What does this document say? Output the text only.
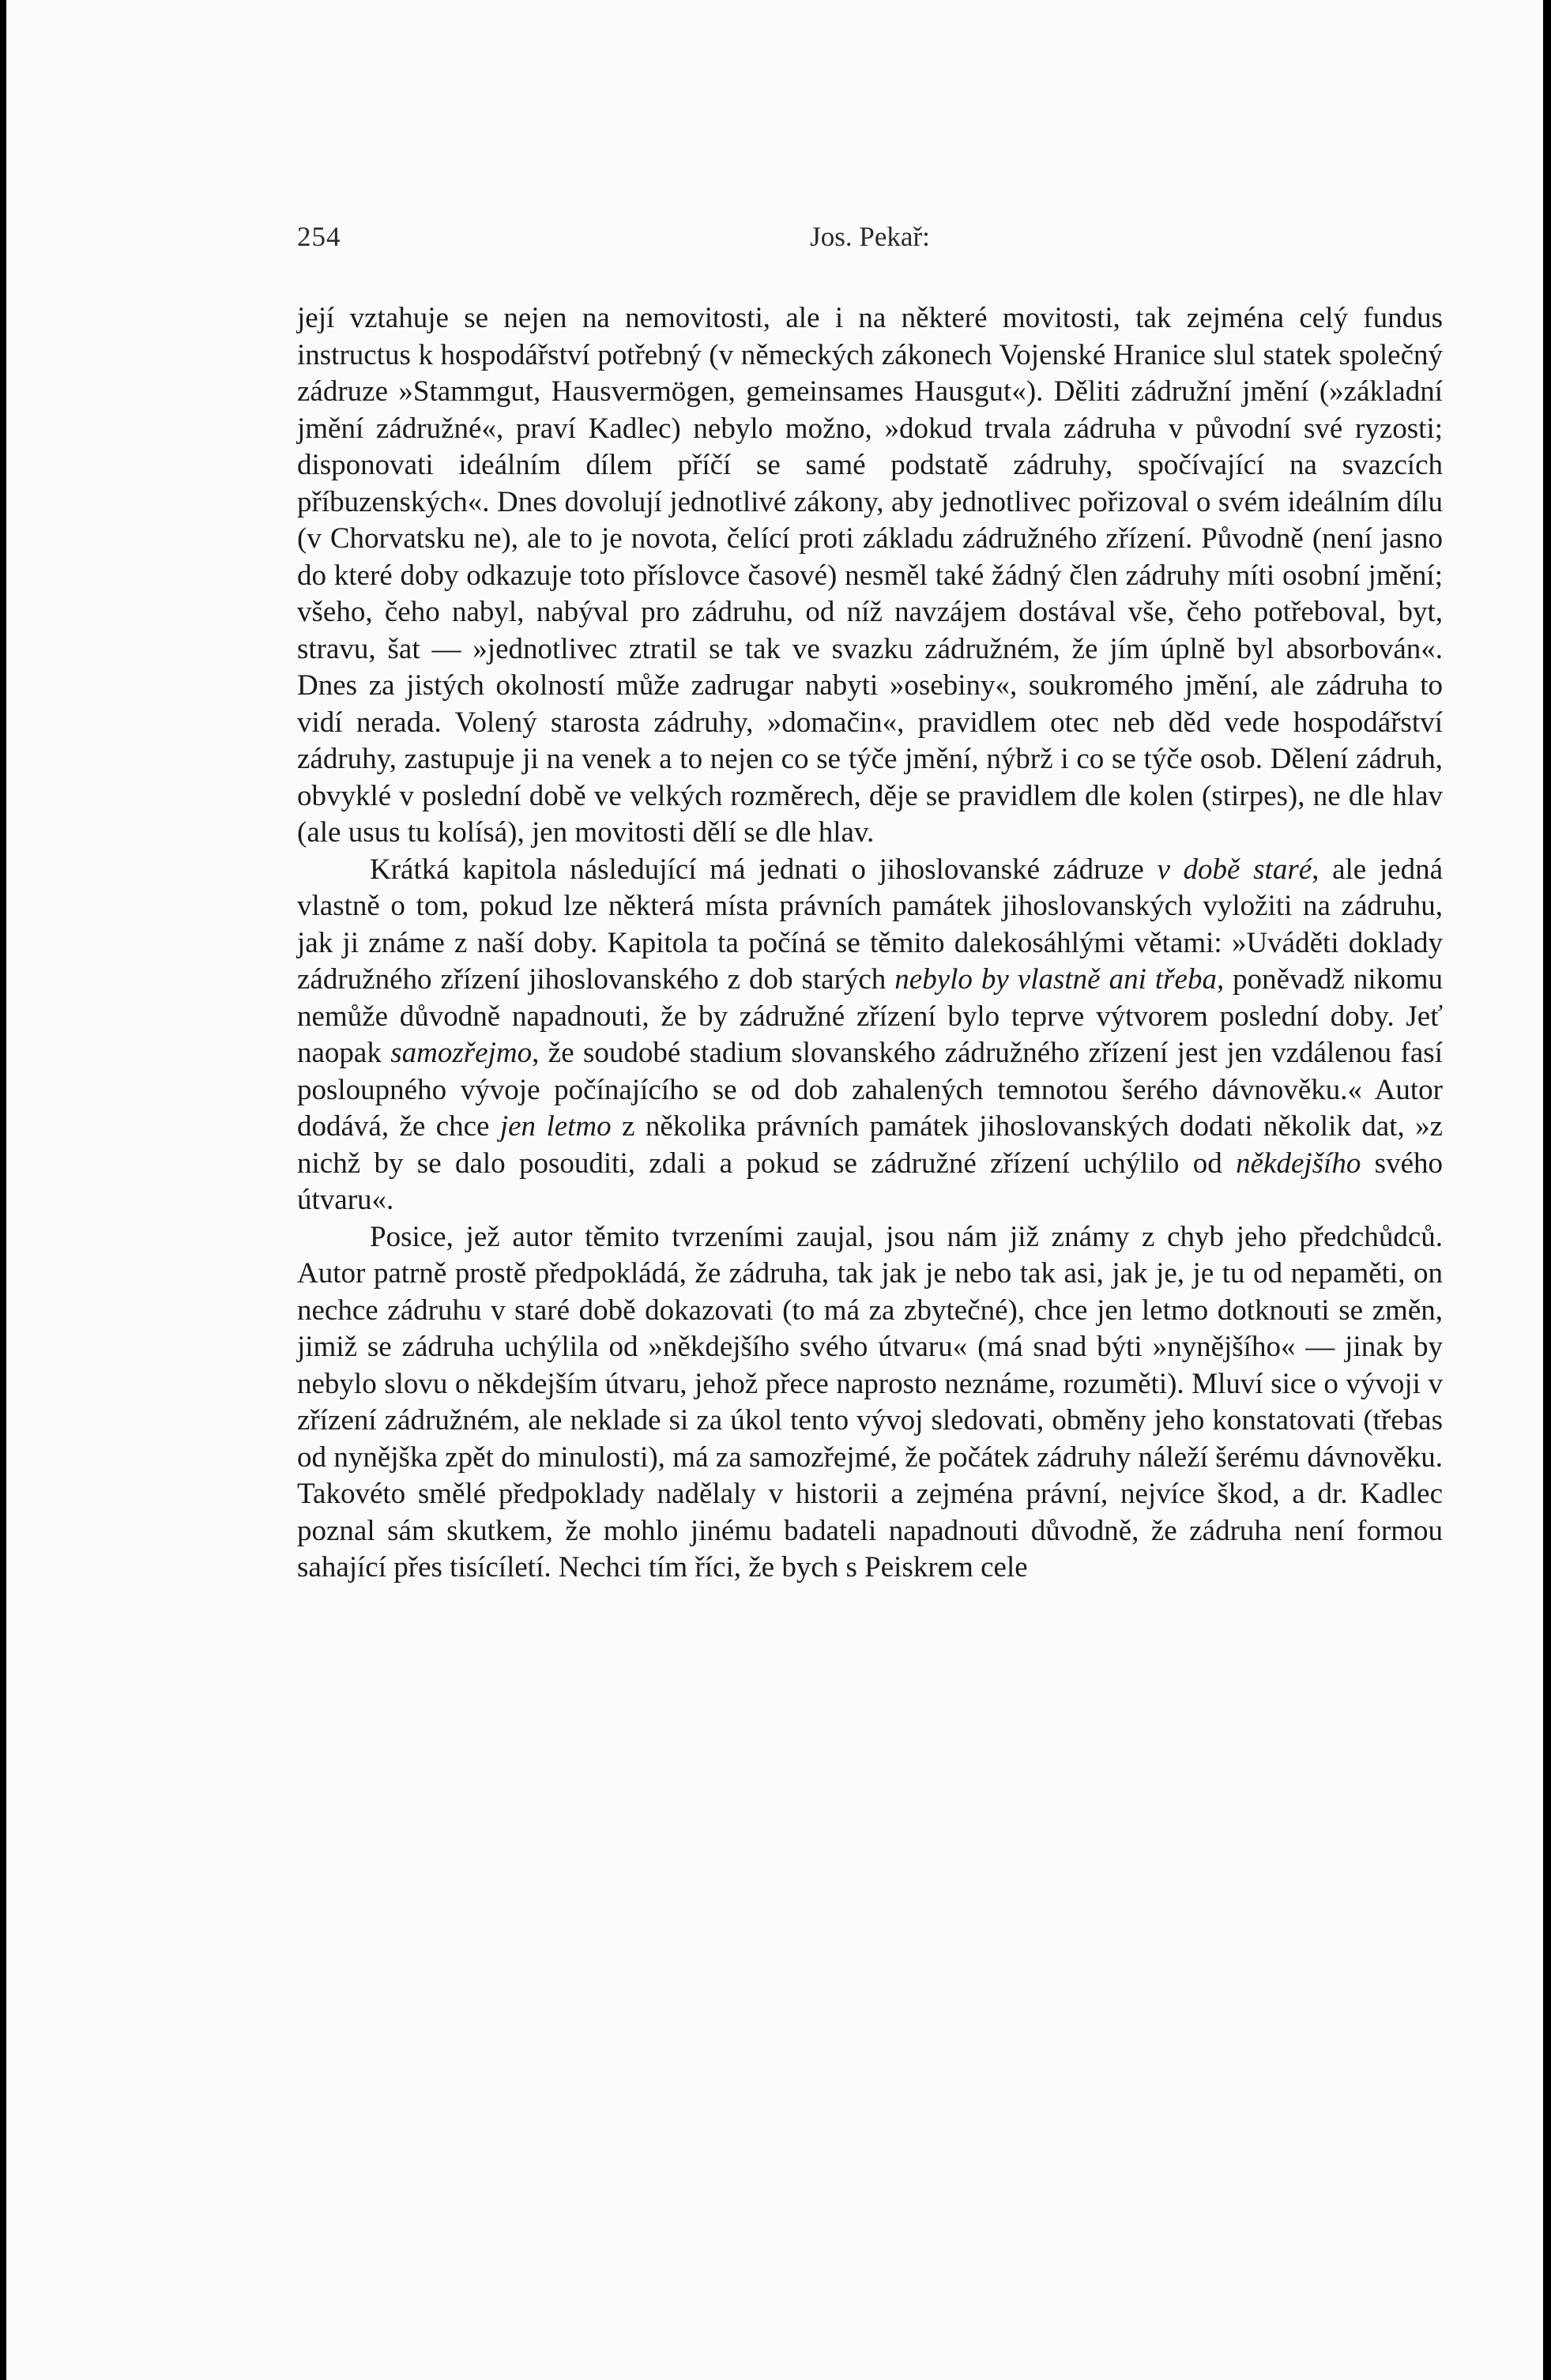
254	Jos. Pekař:

její vztahuje se nejen na nemovitosti, ale i na některé movitosti, tak zejména celý fundus instructus k hospodářství potřebný (v německých zákonech Vojenské Hranice slul statek společný zádruze »Stammgut, Hausvermögen, gemeinsames Hausgut«). Děliti zádružní jmění (»základní jmění zádružné«, praví Kadlec) nebylo možno, »dokud trvala zádruha v původní své ryzosti; disponovati ideálním dílem příčí se samé podstatě zádruhy, spočívající na svazcích příbuzenských«. Dnes dovolují jednotlivé zákony, aby jednotlivec pořizoval o svém ideálním dílu (v Chorvatsku ne), ale to je novota, čelící proti základu zádružného zřízení. Původně (není jasno do které doby odkazuje toto příslovce časové) nesměl také žádný člen zádruhy míti osobní jmění; všeho, čeho nabyl, nabýval pro zádruhu, od níž navzájem dostával vše, čeho potřeboval, byt, stravu, šat — »jednotlivec ztratil se tak ve svazku zádružném, že jím úplně byl absorbován«. Dnes za jistých okolností může zadrugar nabyti »osebiny«, soukromého jmění, ale zádruha to vidí nerada. Volený starosta zádruhy, »domačin«, pravidlem otec neb děd vede hospodářství zádruhy, zastupuje ji na venek a to nejen co se týče jmění, nýbrž i co se týče osob. Dělení zádruh, obvyklé v poslední době ve velkých rozměrech, děje se pravidlem dle kolen (stirpes), ne dle hlav (ale usus tu kolísá), jen movitosti dělí se dle hlav.

Krátká kapitola následující má jednati o jihoslovanské zádruze v době staré, ale jedná vlastně o tom, pokud lze některá místa právních památek jihoslovanských vyložiti na zádruhu, jak ji známe z naší doby. Kapitola ta počíná se těmito dalekosáhlými větami: »Uváděti doklady zádružného zřízení jihoslovanského z dob starých nebylo by vlastně ani třeba, poněvadž nikomu nemůže důvodně napadnouti, že by zádružné zřízení bylo teprve výtvorem poslední doby. Jeť naopak samozřejmo, že soudobé stadium slovanského zádružného zřízení jest jen vzdálenou fasí posloupného vývoje počínajícího se od dob zahalených temnotou šerého dávnověku.« Autor dodává, že chce jen letmo z několika právních památek jihoslovanských dodati několik dat, »z nichž by se dalo posouditi, zdali a pokud se zádružné zřízení uchýlilo od někdejšího svého útvaru«.

Posice, jež autor těmito tvrzeními zaujal, jsou nám již známy z chyb jeho předchůdců. Autor patrně prostě předpokládá, že zádruha, tak jak je nebo tak asi, jak je, je tu od nepaměti, on nechce zádruhu v staré době dokazovati (to má za zbytečné), chce jen letmo dotknouti se změn, jimiž se zádruha uchýlila od »někdejšího svého útvaru« (má snad býti »nynějšího« — jinak by nebylo slovu o někdejším útvaru, jehož přece naprosto neznáme, rozuměti). Mluví sice o vývoji v zřízení zádružném, ale neklade si za úkol tento vývoj sledovati, obměny jeho konstatovati (třebas od nynějška zpět do minulosti), má za samozřejmé, že počátek zádruhy náleží šerému dávnověku. Takovéto smělé předpoklady nadělaly v historii a zejména právní, nejvíce škod, a dr. Kadlec poznal sám skutkem, že mohlo jinému badateli napadnouti důvodně, že zádruha není formou sahající přes tisícíletí. Nechci tím říci, že bych s Peiskrem cele
